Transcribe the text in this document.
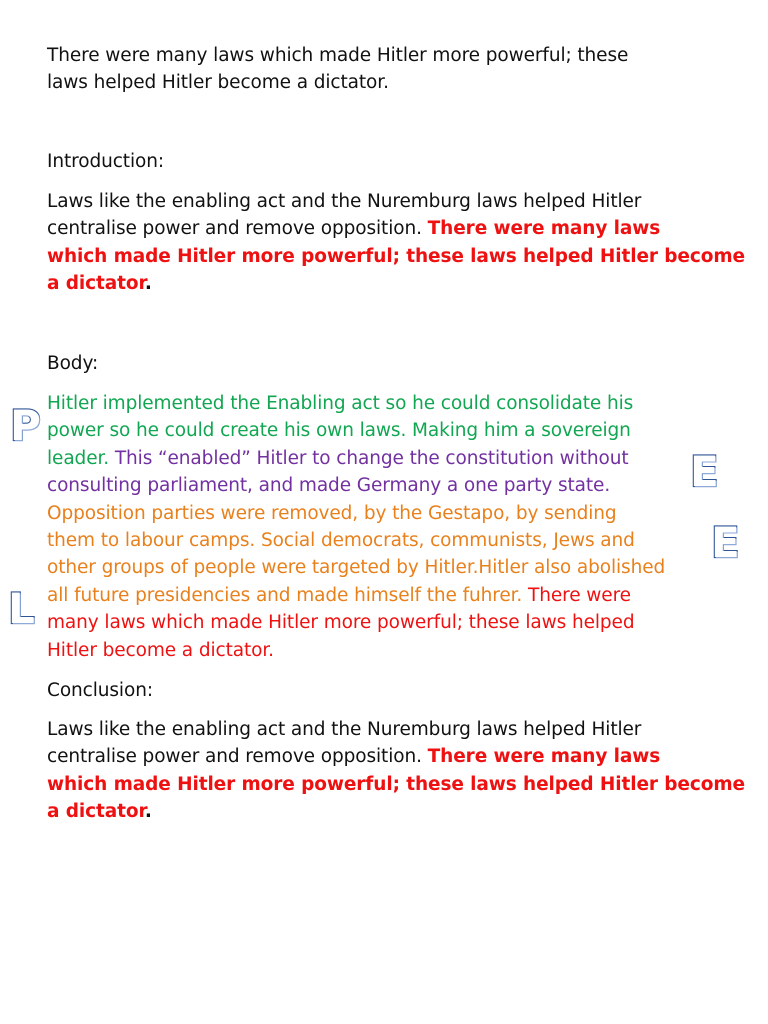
There were many laws which made Hitler more powerful; these
laws helped Hitler become a dictator.
Introduction:
Laws like the enabling act and the Nuremburg laws helped Hitler
centralise power and remove opposition. There were many laws
which made Hitler more powerful; these laws helped Hitler become
a dictator.
Body:
Hitler implemented the Enabling act so he could consolidate his
power so he could create his own laws. Making him a sovereign
leader. This “enabled” Hitler to change the constitution without
consulting parliament, and made Germany a one party state.
Opposition parties were removed, by the Gestapo, by sending
them to labour camps. Social democrats, communists, Jews and
other groups of people were targeted by Hitler.Hitler also abolished
all future presidencies and made himself the fuhrer. There were
many laws which made Hitler more powerful; these laws helped
Hitler become a dictator.
Conclusion:
Laws like the enabling act and the Nuremburg laws helped Hitler
centralise power and remove opposition. There were many laws
which made Hitler more powerful; these laws helped Hitler become
a dictator.
P
E
E
L
